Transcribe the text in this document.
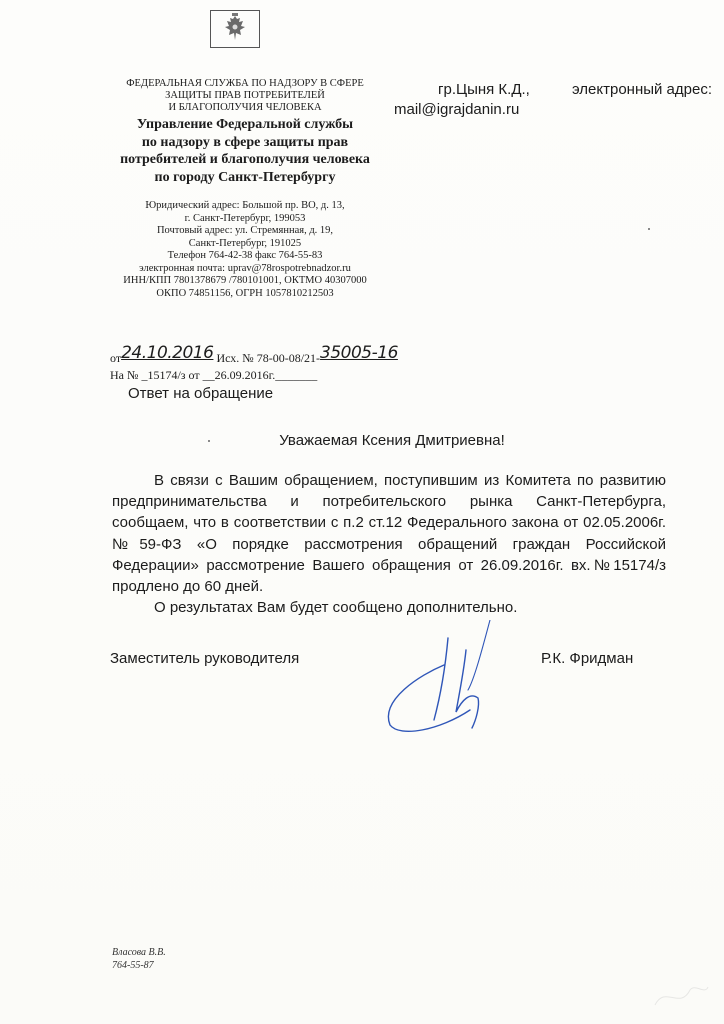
ФЕДЕРАЛЬНАЯ СЛУЖБА ПО НАДЗОРУ В СФЕРЕ
ЗАЩИТЫ ПРАВ ПОТРЕБИТЕЛЕЙ
И БЛАГОПОЛУЧИЯ ЧЕЛОВЕКА
Управление Федеральной службы
по надзору в сфере защиты прав
потребителей и благополучия человека
по городу Санкт-Петербургу
Юридический адрес: Большой пр. ВО, д. 13,
г. Санкт-Петербург, 199053
Почтовый адрес: ул. Стремянная, д. 19,
Санкт-Петербург, 191025
Телефон 764-42-38 факс 764-55-83
электронная почта: uprav@78rospotrebnadzor.ru
ИНН/КПП 7801378679 /780101001, ОКТМО 40307000
ОКПО 74851156, ОГРН 1057810212503
гр.Цыня К.Д.,	электронный адрес:
mail@igrajdanin.ru
от24.10.2016 Исх. № 78-00-08/21-35005-16
На № _15174/з от __26.09.2016г._______
Ответ на обращение
Уважаемая Ксения Дмитриевна!

В связи с Вашим обращением, поступившим из Комитета по развитию предпринимательства и потребительского рынка Санкт-Петербурга, сообщаем, что в соответствии с п.2 ст.12 Федерального закона от 02.05.2006г. №59-ФЗ «О порядке рассмотрения обращений граждан Российской Федерации» рассмотрение Вашего обращения от 26.09.2016г. вх.№15174/з продлено до 60 дней.

О результатах Вам будет сообщено дополнительно.

Заместитель руководителя	Р.К. Фридман
Власова В.В.
764-55-87
